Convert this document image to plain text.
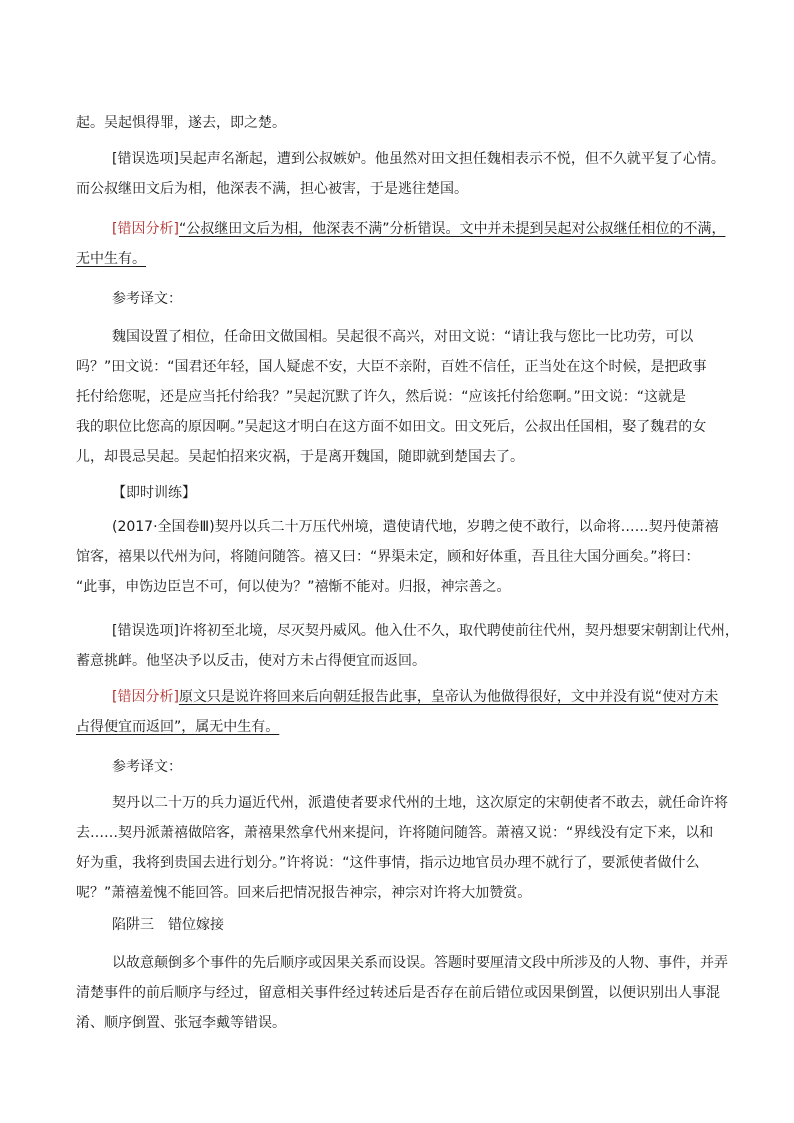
起。吴起惧得罪，遂去，即之楚。

[错误选项]吴起声名渐起，遭到公叔嫉妒。他虽然对田文担任魏相表示不悦，但不久就平复了心情。
而公叔继田文后为相，他深表不满，担心被害，于是逃往楚国。

[错因分析]“公叔继田文后为相，他深表不满”分析错误。文中并未提到吴起对公叔继任相位的不满，
无中生有。

参考译文：

魏国设置了相位，任命田文做国相。吴起很不高兴，对田文说：“请让我与您比一比功劳，可以
吗？”田文说：“国君还年轻，国人疑虑不安，大臣不亲附，百姓不信任，正当处在这个时候，是把政事
托付给您呢，还是应当托付给我？”吴起沉默了许久，然后说：“应该托付给您啊。”田文说：“这就是
我的职位比您高的原因啊。”吴起这才明白在这方面不如田文。田文死后，公叔出任国相，娶了魏君的女
儿，却畏忌吴起。吴起怕招来灾祸，于是离开魏国，随即就到楚国去了。

【即时训练】

(2017·全国卷Ⅲ)契丹以兵二十万压代州境，遣使请代地，岁聘之使不敢行，以命将……契丹使萧禧
馆客，禧果以代州为问，将随问随答。禧又曰：“界渠未定，顾和好体重，吾且往大国分画矣。”将曰：
“此事，申饬边臣岂不可，何以使为？”禧惭不能对。归报，神宗善之。

[错误选项]许将初至北境，尽灭契丹威风。他入仕不久，取代聘使前往代州，契丹想要宋朝割让代州，
蓄意挑衅。他坚决予以反击，使对方未占得便宜而返回。

[错因分析]原文只是说许将回来后向朝廷报告此事，皇帝认为他做得很好，文中并没有说“使对方未
占得便宜而返回”，属无中生有。

参考译文：

契丹以二十万的兵力逼近代州，派遣使者要求代州的土地，这次原定的宋朝使者不敢去，就任命许将
去……契丹派萧禧做陪客，萧禧果然拿代州来提问，许将随问随答。萧禧又说：“界线没有定下来，以和
好为重，我将到贵国去进行划分。”许将说：“这件事情，指示边地官员办理不就行了，要派使者做什么
呢？”萧禧羞愧不能回答。回来后把情况报告神宗，神宗对许将大加赞赏。

陷阱三　错位嫁接

以故意颠倒多个事件的先后顺序或因果关系而设误。答题时要厘清文段中所涉及的人物、事件，并弄
清楚事件的前后顺序与经过，留意相关事件经过转述后是否存在前后错位或因果倒置，以便识别出人事混
淆、顺序倒置、张冠李戴等错误。
